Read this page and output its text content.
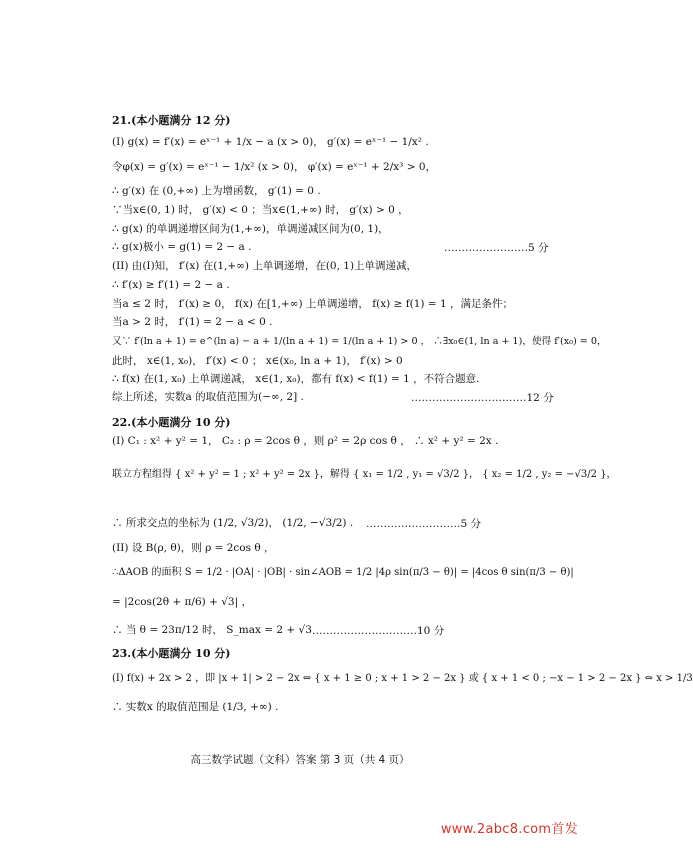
21.(本小题满分 12 分)
(I) g(x) = f′(x) = eˣ⁻¹ + 1/x − a (x > 0)， g′(x) = eˣ⁻¹ − 1/x² .
令φ(x) = g′(x) = eˣ⁻¹ − 1/x² (x > 0)， φ′(x) = eˣ⁻¹ + 2/x³ > 0，
∴ g′(x) 在 (0,+∞) 上为增函数， g′(1) = 0 .
∵当x∈(0, 1) 时， g′(x) < 0 ；当x∈(1,+∞) 时， g′(x) > 0 ，
∴ g(x) 的单调递增区间为(1,+∞)，单调递减区间为(0, 1)，
∴ g(x)极小 = g(1) = 2 − a .	……………………5 分
(II) 由(I)知， f′(x) 在(1,+∞) 上单调递增，在(0, 1)上单调递减，
∴ f′(x) ≥ f′(1) = 2 − a .
当a ≤ 2 时， f′(x) ≥ 0， f(x) 在[1,+∞) 上单调递增， f(x) ≥ f(1) = 1 ，满足条件；
当a > 2 时， f′(1) = 2 − a < 0 .
又∵ f′(ln a + 1) = e^(ln a) − a + 1/(ln a + 1) = 1/(ln a + 1) > 0 ， ∴∃x₀∈(1, ln a + 1)，使得 f′(x₀) = 0，
此时， x∈(1, x₀)， f′(x) < 0 ； x∈(x₀, ln a + 1)， f′(x) > 0
∴ f(x) 在(1, x₀) 上单调递减， x∈(1, x₀)，都有 f(x) < f(1) = 1 ，不符合题意.
综上所述，实数a 的取值范围为(−∞, 2] .	……………………………12 分
22.(本小题满分 10 分)
(I) C₁ : x² + y² = 1， C₂ : ρ = 2cos θ ，则 ρ² = 2ρ cos θ ， ∴ x² + y² = 2x .
联立方程组得 { x² + y² = 1 ; x² + y² = 2x }，解得 { x₁ = 1/2 , y₁ = √3/2 }， { x₂ = 1/2 , y₂ = −√3/2 }，
∴ 所求交点的坐标为 (1/2, √3/2)， (1/2, −√3/2) . ………………………5 分
(II) 设 B(ρ, θ)，则 ρ = 2cos θ ，
∴ΔAOB 的面积 S = 1/2 · |OA| · |OB| · sin∠AOB = 1/2 |4ρ sin(π/3 − θ)| = |4cos θ sin(π/3 − θ)|
= |2cos(2θ + π/6) + √3| ，
∴ 当 θ = 23π/12 时， S_max = 2 + √3 …………………………10 分
23.(本小题满分 10 分)
(I) f(x) + 2x > 2 ，即 |x + 1| > 2 − 2x ⇔ { x + 1 ≥ 0 ; x + 1 > 2 − 2x } 或 { x + 1 < 0 ; −x − 1 > 2 − 2x } ⇔ x > 1/3
∴ 实数x 的取值范围是 (1/3, +∞) .
高三数学试题（文科）答案 第 3 页（共 4 页）
www.2abc8.com首发
